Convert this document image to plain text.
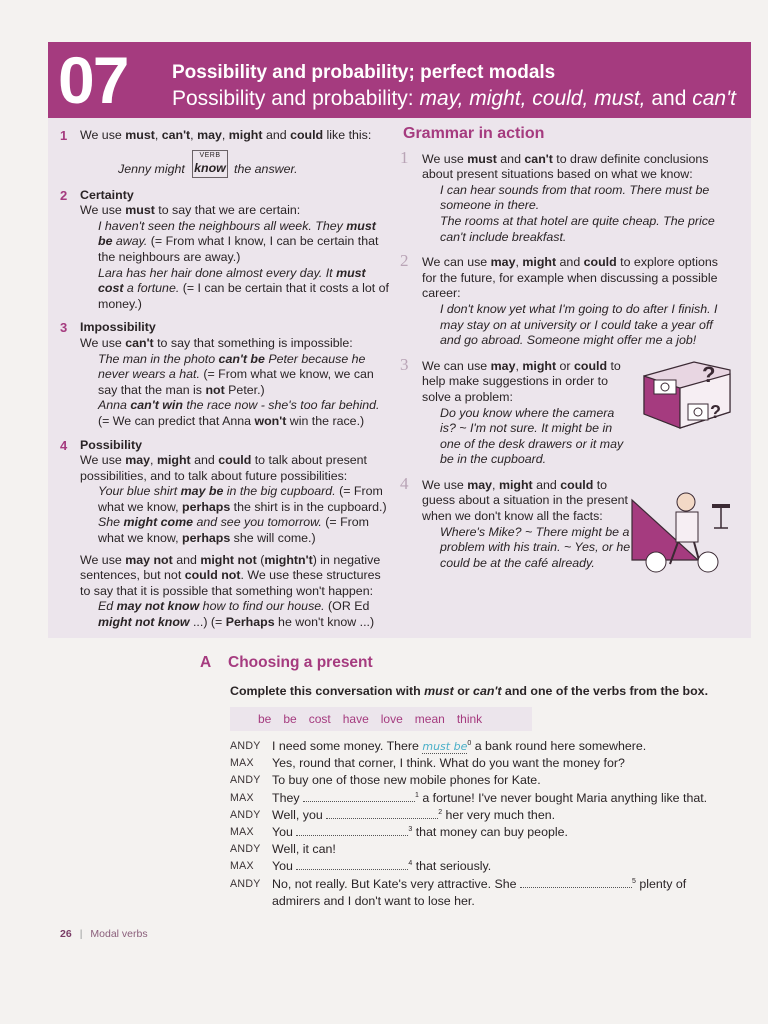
07 Possibility and probability; perfect modals
Possibility and probability: may, might, could, must, and can't
1 We use must, can't, may, might and could like this:
Jenny might
VERB
know the answer.
2 Certainty
We use must to say that we are certain:
I haven't seen the neighbours all week. They must be away. (= From what I know, I can be certain that the neighbours are away.)
Lara has her hair done almost every day. It must cost a fortune. (= I can be certain that it costs a lot of money.)
3 Impossibility
We use can't to say that something is impossible:
The man in the photo can't be Peter because he never wears a hat. (= From what we know, we can say that the man is not Peter.)
Anna can't win the race now - she's too far behind.
(= We can predict that Anna won't win the race.)
4 Possibility
We use may, might and could to talk about present possibilities, and to talk about future possibilities:
Your blue shirt may be in the big cupboard. (= From what we know, perhaps the shirt is in the cupboard.)
She might come and see you tomorrow. (= From what we know, perhaps she will come.)
We use may not and might not (mightn't) in negative sentences, but not could not. We use these structures to say that it is possible that something won't happen:
Ed may not know how to find our house. (OR Ed might not know ...) (= Perhaps he won't know ...)
Grammar in action
1 We use must and can't to draw definite conclusions about present situations based on what we know:
I can hear sounds from that room. There must be someone in there.
The rooms at that hotel are quite cheap. The price can't include breakfast.
2 We can use may, might and could to explore options for the future, for example when discussing a possible career:
I don't know yet what I'm going to do after I finish. I may stay on at university or I could take a year off and go abroad. Someone might offer me a job!
3 We can use may, might or could to help make suggestions in order to solve a problem:
Do you know where the camera is? ~ I'm not sure. It might be in one of the desk drawers or it may be in the cupboard.
4 We use may, might and could to guess about a situation in the present when we don't know all the facts:
Where's Mike? ~ There might be a problem with his train. ~ Yes, or he could be at the café already.
?
?
A Choosing a present
Complete this conversation with must or can't and one of the verbs from the box.
be be cost have love mean think
ANDY I need some money. There must $be^0$ a bank round here somewhere.
MAX	Yes, round that corner, I think. What do you want the money for?
ANDY To buy one of those new mobile phones for Kate.
MAX	They	$^1$ a fortune! I've never bought Maria anything like that.
ANDY Well, you	$^2$ her very much then.
MAX	You	$^3$ that money can buy people.
ANDY Well, it can!
MAX	You	$^4$ that seriously.
ANDY No, not really. But Kate's very attractive. She	$^5$ plenty of admirers and I don't want to lose her.
26 | Modal verbs
